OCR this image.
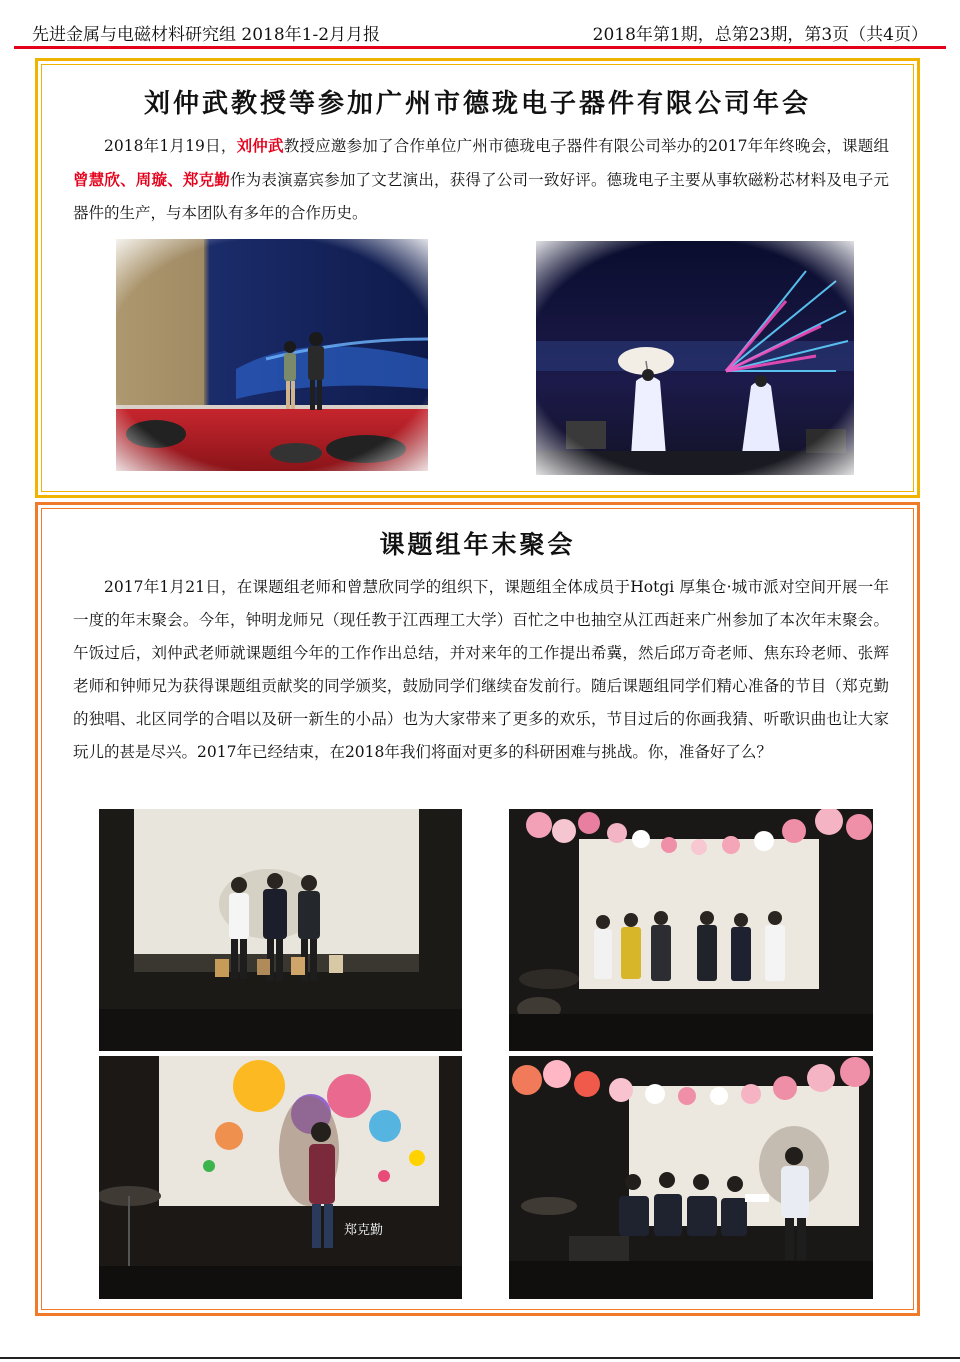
先进金属与电磁材料研究组 2018年1-2月月报	2018年第1期，总第23期，第3页（共4页）
刘仲武教授等参加广州市德珑电子器件有限公司年会
2018年1月19日，刘仲武教授应邀参加了合作单位广州市德珑电子器件有限公司举办的2017年年终晚会，课题组曾慧欣、周璇、郑克勤作为表演嘉宾参加了文艺演出，获得了公司一致好评。德珑电子主要从事软磁粉芯材料及电子元器件的生产，与本团队有多年的合作历史。
课题组年末聚会
2017年1月21日，在课题组老师和曾慧欣同学的组织下，课题组全体成员于Hotgi 厚集仓·城市派对空间开展一年一度的年末聚会。今年，钟明龙师兄（现任教于江西理工大学）百忙之中也抽空从江西赶来广州参加了本次年末聚会。午饭过后，刘仲武老师就课题组今年的工作作出总结，并对来年的工作提出希冀，然后邱万奇老师、焦东玲老师、张辉老师和钟师兄为获得课题组贡献奖的同学颁奖，鼓励同学们继续奋发前行。随后课题组同学们精心准备的节目（郑克勤的独唱、北区同学的合唱以及研一新生的小品）也为大家带来了更多的欢乐，节目过后的你画我猜、听歌识曲也让大家玩儿的甚是尽兴。2017年已经结束，在2018年我们将面对更多的科研困难与挑战。你，准备好了么？
郑克勤
